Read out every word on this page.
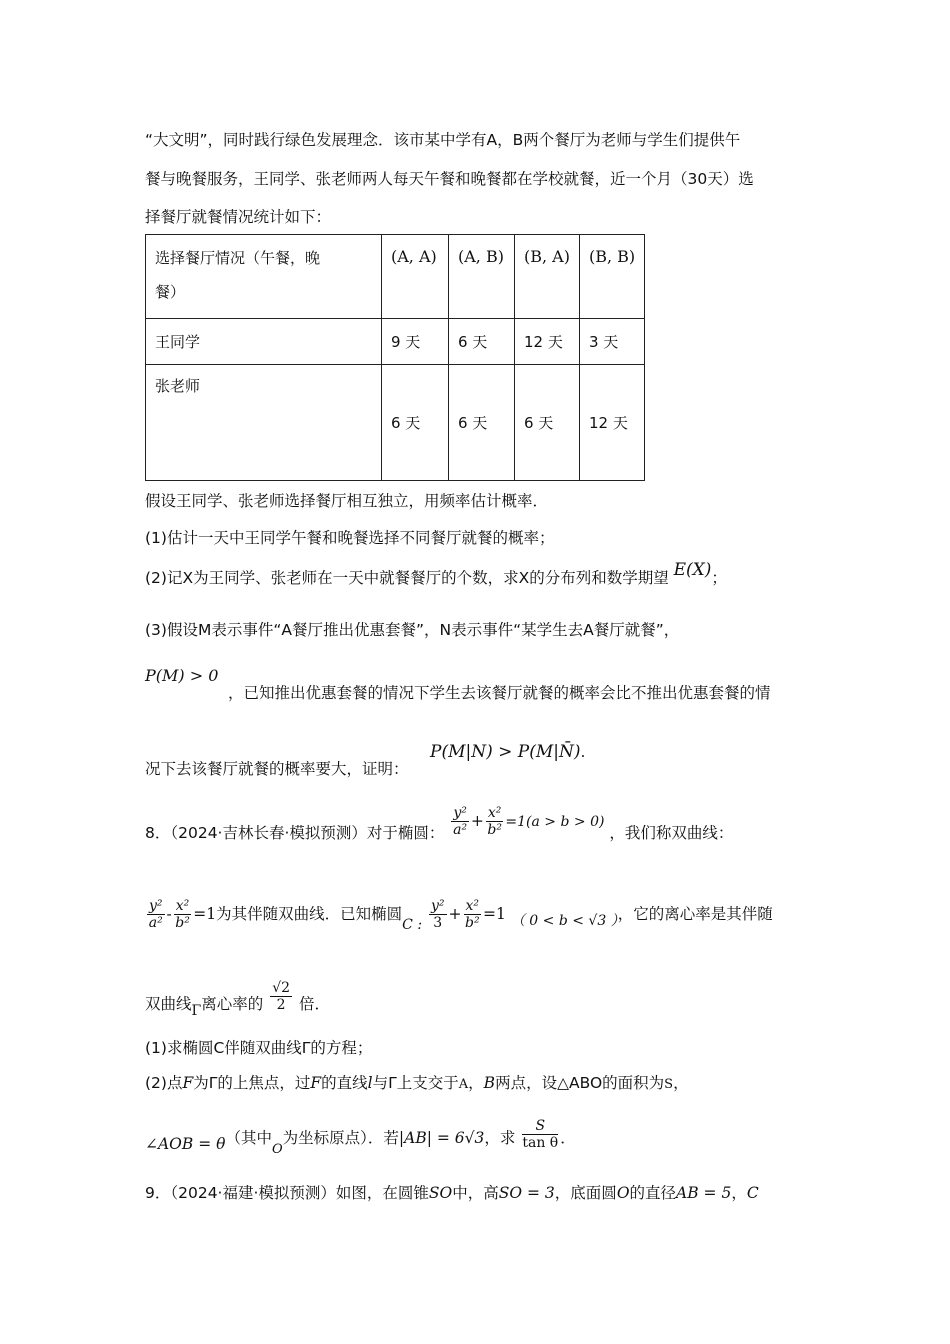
“大文明”，同时践行绿色发展理念．该市某中学有A，B两个餐厅为老师与学生们提供午
餐与晚餐服务，王同学、张老师两人每天午餐和晚餐都在学校就餐，近一个月（30天）选
择餐厅就餐情况统计如下：
选择餐厅情况（午餐，晚
餐）	(A, A)	(A, B)	(B, A)	(B, B)
王同学	9 天	6 天	12 天	3 天
张老师	6 天	6 天	6 天	12 天
假设王同学、张老师选择餐厅相互独立，用频率估计概率．
(1)估计一天中王同学午餐和晚餐选择不同餐厅就餐的概率；
(2)记X为王同学、张老师在一天中就餐餐厅的个数，求X的分布列和数学期望 E(X)；
(3)假设M表示事件“A餐厅推出优惠套餐”，N表示事件“某学生去A餐厅就餐”，
P(M) > 0
，已知推出优惠套餐的情况下学生去该餐厅就餐的概率会比不推出优惠套餐的情
况下去该餐厅就餐的概率要大，证明：
P(M|N) > P(M|N̄).
8．（2024·吉林长春·模拟预测）对于椭圆： $\frac{\text{y²}}{\text{a²}} + \frac{\text{x²}}{\text{b²}} =1(a > b > 0)$ ，我们称双曲线：
$\frac{\text{y²}}{\text{a²}} - \frac{\text{x²}}{\text{b²}} =1$为其伴随双曲线．已知椭圆C : $\frac{\text{y²}}{3} + \frac{\text{x²}}{\text{b²}} =1$ （ 0 < b < √3 ），它的离心率是其伴随
双曲线Γ离心率的 $\frac{√2}{2}$ 倍．
(1)求椭圆C伴随双曲线Γ的方程；
(2)点F为Γ的上焦点，过F的直线l与Γ上支交于A，B两点，设△ABO的面积为S，
∠AOB = θ（其中$_O$为坐标原点）．若|AB| = 6√3，求 $\frac{S}{\text{tan θ}}$ ．
9．（2024·福建·模拟预测）如图，在圆锥SO中，高SO = 3，底面圆O的直径AB = 5，C
